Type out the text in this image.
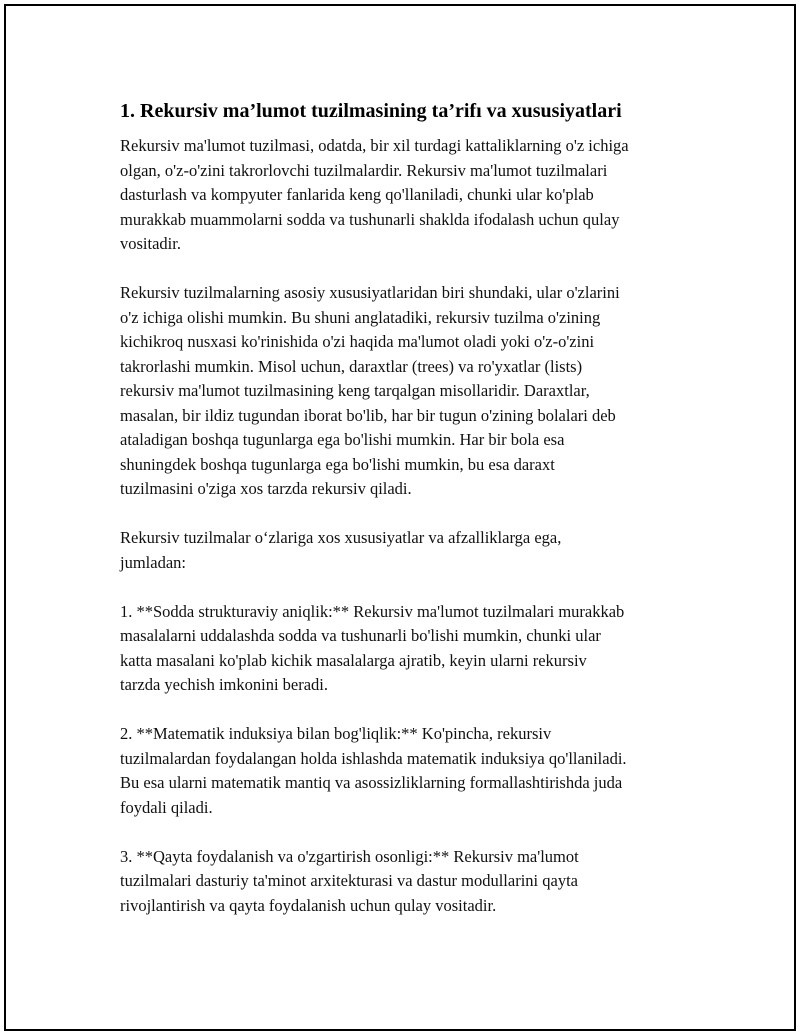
1. Rekursiv ma’lumot tuzilmasining ta’rifı va xususiyatlari
Rekursiv ma'lumot tuzilmasi, odatda, bir xil turdagi kattaliklarning o'z ichiga
olgan, o'z-o'zini takrorlovchi tuzilmalardir. Rekursiv ma'lumot tuzilmalari
dasturlash va kompyuter fanlarida keng qo'llaniladi, chunki ular ko'plab
murakkab muammolarni sodda va tushunarli shaklda ifodalash uchun qulay
vositadir.
Rekursiv tuzilmalarning asosiy xususiyatlaridan biri shundaki, ular o'zlarini
o'z ichiga olishi mumkin. Bu shuni anglatadiki, rekursiv tuzilma o'zining
kichikroq nusxasi ko'rinishida o'zi haqida ma'lumot oladi yoki o'z-o'zini
takrorlashi mumkin. Misol uchun, daraxtlar (trees) va ro'yxatlar (lists)
rekursiv ma'lumot tuzilmasining keng tarqalgan misollaridir. Daraxtlar,
masalan, bir ildiz tugundan iborat bo'lib, har bir tugun o'zining bolalari deb
ataladigan boshqa tugunlarga ega bo'lishi mumkin. Har bir bola esa
shuningdek boshqa tugunlarga ega bo'lishi mumkin, bu esa daraxt
tuzilmasini o'ziga xos tarzda rekursiv qiladi.
Rekursiv tuzilmalar o‘zlariga xos xususiyatlar va afzalliklarga ega,
jumladan:
1. **Sodda strukturaviy aniqlik:** Rekursiv ma'lumot tuzilmalari murakkab
masalalarni uddalashda sodda va tushunarli bo'lishi mumkin, chunki ular
katta masalani ko'plab kichik masalalarga ajratib, keyin ularni rekursiv
tarzda yechish imkonini beradi.
2. **Matematik induksiya bilan bog'liqlik:** Ko'pincha, rekursiv
tuzilmalardan foydalangan holda ishlashda matematik induksiya qo'llaniladi.
Bu esa ularni matematik mantiq va asossizliklarning formallashtirishda juda
foydali qiladi.
3. **Qayta foydalanish va o'zgartirish osonligi:** Rekursiv ma'lumot
tuzilmalari dasturiy ta'minot arxitekturasi va dastur modullarini qayta
rivojlantirish va qayta foydalanish uchun qulay vositadir.
